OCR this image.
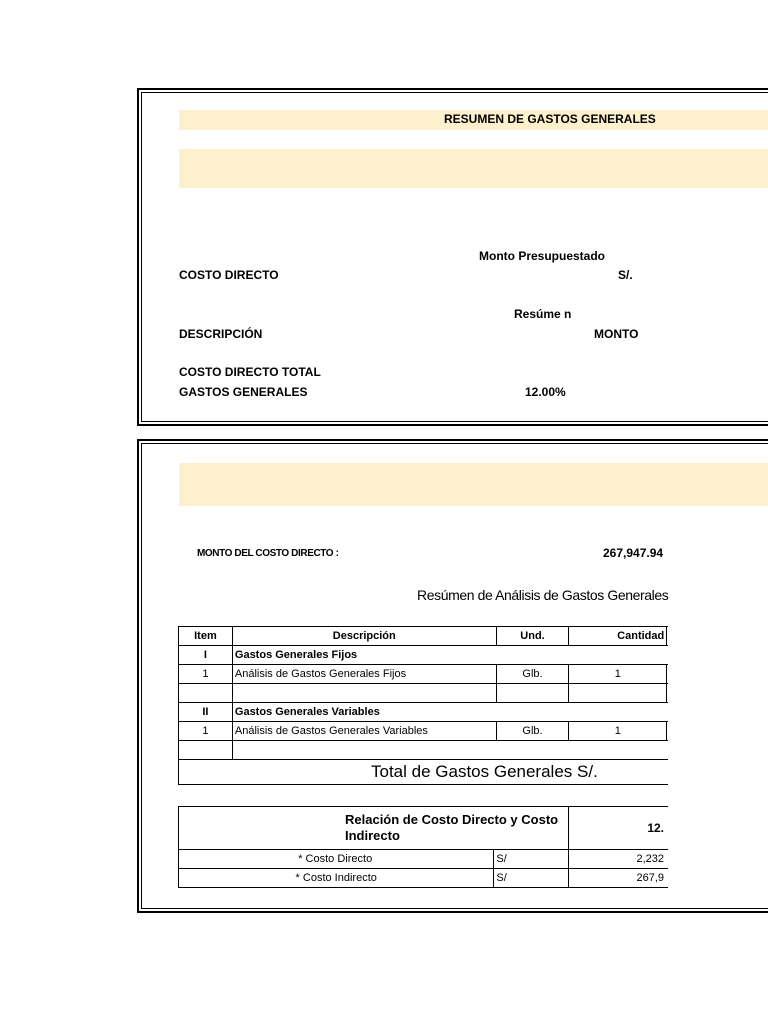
RESUMEN DE GASTOS GENERALES
Monto Presupuestado
COSTO DIRECTO	S/.
Resúme n
DESCRIPCIÓN	MONTO
COSTO DIRECTO TOTAL
GASTOS GENERALES	12.00%
MONTO DEL COSTO DIRECTO :	267,947.94
Resúmen de Análisis de Gastos Generales
Item	Descripción	Und.	Cantidad	
I	Gastos Generales Fijos			
1	Análisis de Gastos Generales Fijos	Glb.	1	

II	Gastos Generales Variables			
1	Análisis de Gastos Generales Variables	Glb.	1	

Total de Gastos Generales S/.				
Relación de Costo Directo y Costo
Indirecto		12.
* Costo Directo	S/	2,232
* Costo Indirecto	S/	267,9
